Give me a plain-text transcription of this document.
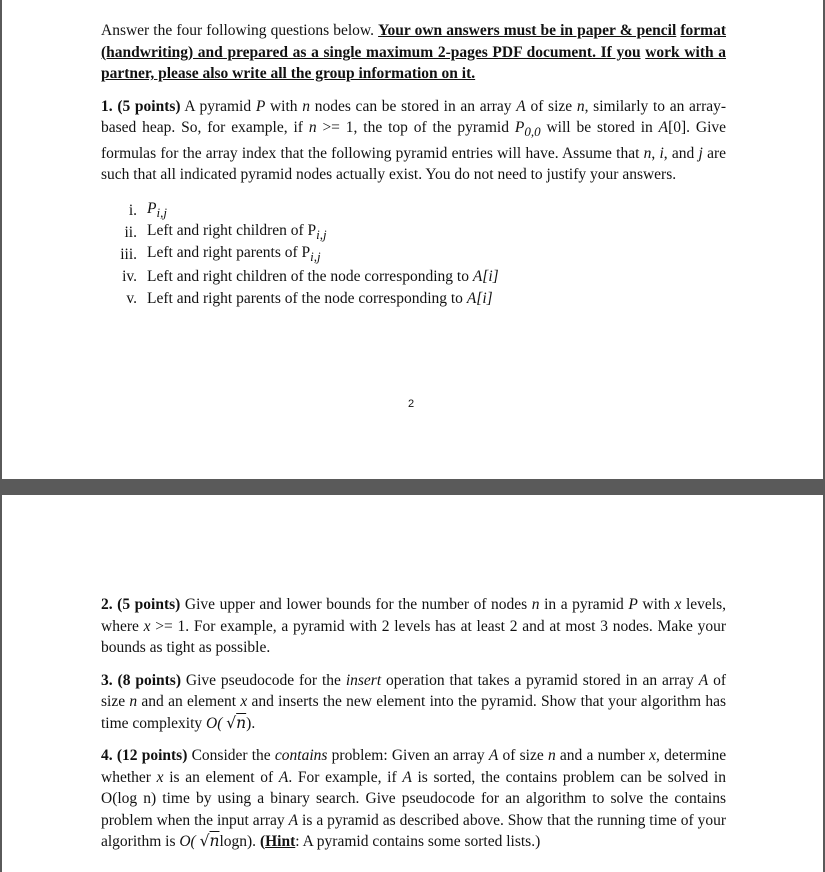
Answer the four following questions below. Your own answers must be in paper & pencil format (handwriting) and prepared as a single maximum 2-pages PDF document. If you work with a partner, please also write all the group information on it.

1. (5 points) A pyramid P with n nodes can be stored in an array A of size n, similarly to an array-based heap. So, for example, if n >= 1, the top of the pyramid $P_{0,0}$ will be stored in A[0]. Give formulas for the array index that the following pyramid entries will have. Assume that n, i, and j are such that all indicated pyramid nodes actually exist. You do not need to justify your answers.

i. $P_{i,j}$
ii. Left and right children of $P_{i,j}$
iii. Left and right parents of $P_{i,j}$
iv. Left and right children of the node corresponding to A[i]
v. Left and right parents of the node corresponding to A[i]
2

2. (5 points) Give upper and lower bounds for the number of nodes n in a pyramid P with x levels, where x >= 1. For example, a pyramid with 2 levels has at least 2 and at most 3 nodes. Make your bounds as tight as possible.

3. (8 points) Give pseudocode for the insert operation that takes a pyramid stored in an array A of size n and an element x and inserts the new element into the pyramid. Show that your algorithm has time complexity O( √n).

4. (12 points) Consider the contains problem: Given an array A of size n and a number x, determine whether x is an element of A. For example, if A is sorted, the contains problem can be solved in O(log n) time by using a binary search. Give pseudocode for an algorithm to solve the contains problem when the input array A is a pyramid as described above. Show that the running time of your algorithm is O( √nlogn). (Hint: A pyramid contains some sorted lists.)
